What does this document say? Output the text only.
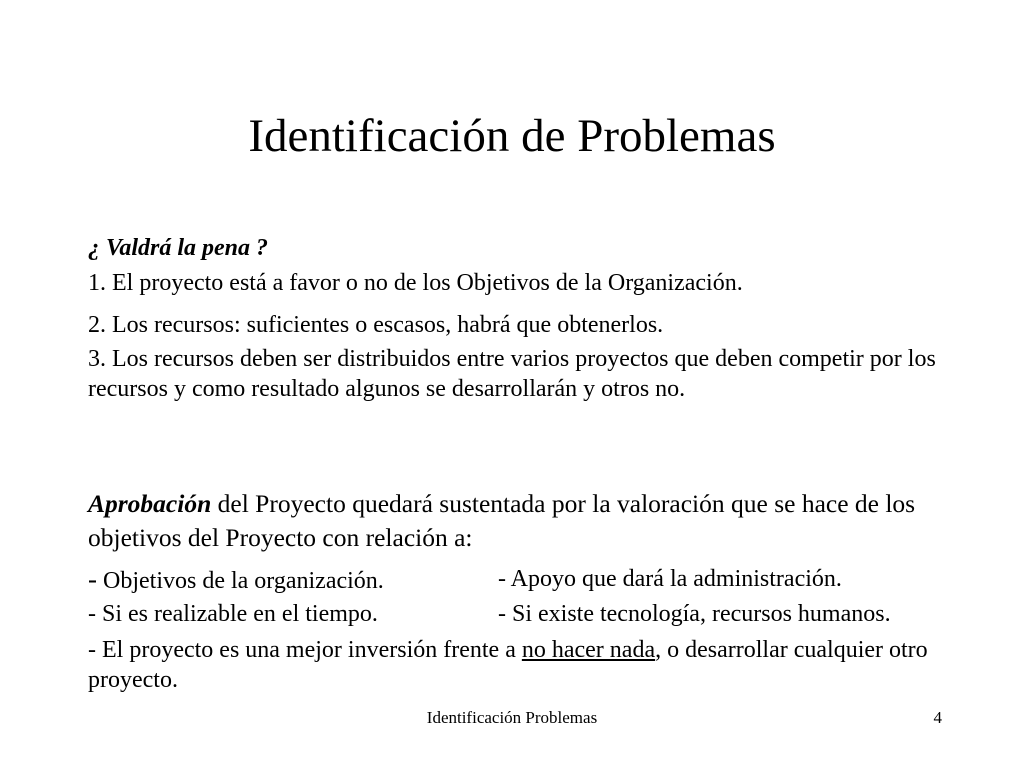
Identificación de Problemas
¿ Valdrá la pena ?
1. El proyecto está a favor o no de los Objetivos de la Organización.
2. Los recursos: suficientes o escasos, habrá que obtenerlos.
3. Los recursos deben ser distribuidos entre varios proyectos que deben competir por los recursos y como resultado algunos se desarrollarán y otros no.
Aprobación del Proyecto quedará sustentada por la valoración que se hace de los objetivos del Proyecto con relación a:
- Objetivos de la organización.	- Apoyo que dará la administración.
- Si es realizable en el tiempo.	- Si existe tecnología, recursos humanos.
- El proyecto es una mejor inversión frente a no hacer nada, o desarrollar cualquier otro proyecto.
Identificación Problemas	4
